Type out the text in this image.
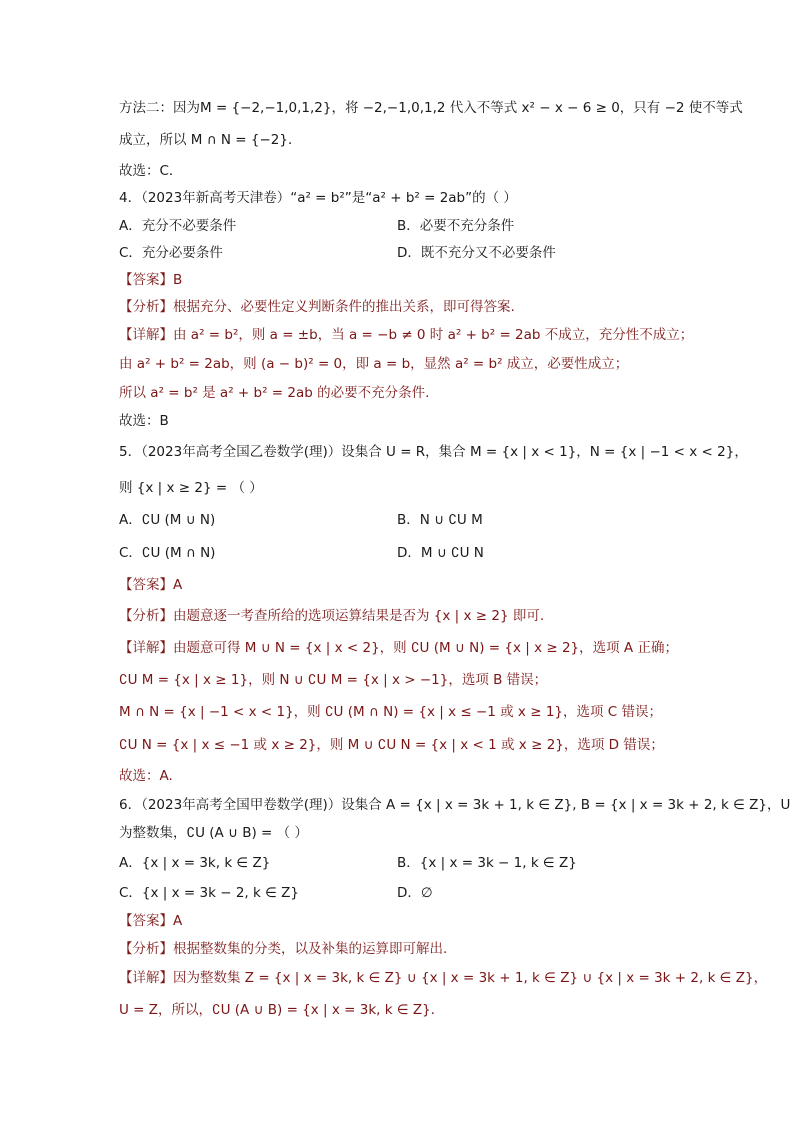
方法二：因为M = {−2,−1,0,1,2}，将 −2,−1,0,1,2 代入不等式 x² − x − 6 ≥ 0，只有 −2 使不等式
成立，所以 M ∩ N = {−2}．
故选：C．
4．（2023年新高考天津卷）“a² = b²”是“a² + b² = 2ab”的（ ）
A．充分不必要条件	B．必要不充分条件
C．充分必要条件	D．既不充分又不必要条件
【答案】B
【分析】根据充分、必要性定义判断条件的推出关系，即可得答案.
【详解】由 a² = b²，则 a = ±b，当 a = −b ≠ 0 时 a² + b² = 2ab 不成立，充分性不成立；
由 a² + b² = 2ab，则 (a − b)² = 0，即 a = b，显然 a² = b² 成立，必要性成立；
所以 a² = b² 是 a² + b² = 2ab 的必要不充分条件.
故选：B
5．（2023年高考全国乙卷数学(理)）设集合 U = R，集合 M = {x | x < 1}，N = {x | −1 < x < 2}，
则 {x | x ≥ 2} = （ ）
A．∁U (M ∪ N)	B．N ∪ ∁U M
C．∁U (M ∩ N)	D．M ∪ ∁U N
【答案】A
【分析】由题意逐一考查所给的选项运算结果是否为 {x | x ≥ 2} 即可.
【详解】由题意可得 M ∪ N = {x | x < 2}，则 ∁U (M ∪ N) = {x | x ≥ 2}，选项 A 正确；
∁U M = {x | x ≥ 1}，则 N ∪ ∁U M = {x | x > −1}，选项 B 错误；
M ∩ N = {x | −1 < x < 1}，则 ∁U (M ∩ N) = {x | x ≤ −1 或 x ≥ 1}，选项 C 错误；
∁U N = {x | x ≤ −1 或 x ≥ 2}，则 M ∪ ∁U N = {x | x < 1 或 x ≥ 2}，选项 D 错误；
故选：A.
6．（2023年高考全国甲卷数学(理)）设集合 A = {x | x = 3k + 1, k ∈ Z}, B = {x | x = 3k + 2, k ∈ Z}，U
为整数集，∁U (A ∪ B) = （ ）
A．{x | x = 3k, k ∈ Z}	B．{x | x = 3k − 1, k ∈ Z}
C．{x | x = 3k − 2, k ∈ Z}	D．∅
【答案】A
【分析】根据整数集的分类，以及补集的运算即可解出.
【详解】因为整数集 Z = {x | x = 3k, k ∈ Z} ∪ {x | x = 3k + 1, k ∈ Z} ∪ {x | x = 3k + 2, k ∈ Z}，
U = Z，所以，∁U (A ∪ B) = {x | x = 3k, k ∈ Z}．
